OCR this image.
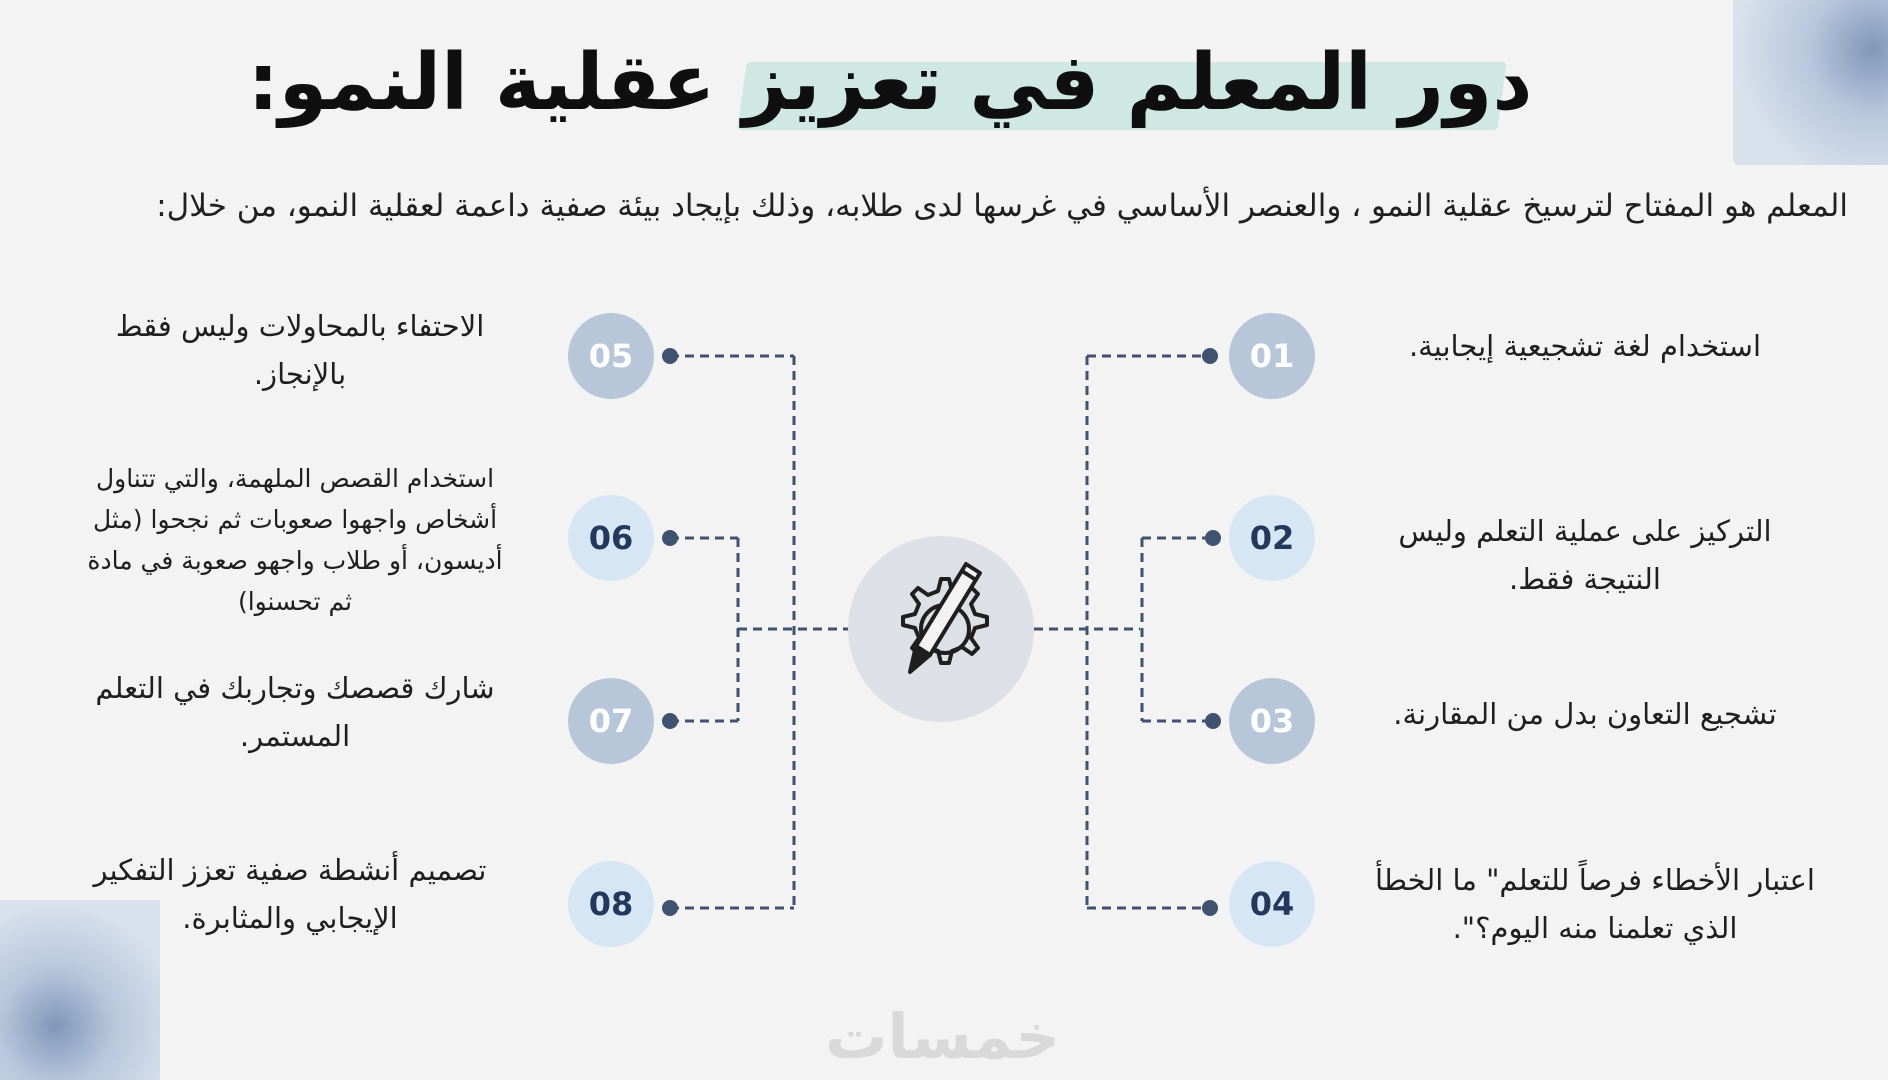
دور المعلم في تعزيز عقلية النمو:
المعلم هو المفتاح لترسيخ عقلية النمو ، والعنصر الأساسي في غرسها لدى طلابه، وذلك بإيجاد بيئة صفية داعمة لعقلية النمو، من خلال:
01
02
03
04
05
06
07
08
استخدام لغة تشجيعية إيجابية.
التركيز على عملية التعلم وليس النتيجة فقط.
تشجيع التعاون بدل من المقارنة.
اعتبار الأخطاء فرصاً للتعلم" ما الخطأ الذي تعلمنا منه اليوم؟".
الاحتفاء بالمحاولات وليس فقط بالإنجاز.
استخدام القصص الملهمة، والتي تتناول أشخاص واجهوا صعوبات ثم نجحوا (مثل أديسون، أو طلاب واجهو صعوبة في مادة ثم تحسنوا)
شارك قصصك وتجاربك في التعلم المستمر.
تصميم أنشطة صفية تعزز التفكير الإيجابي والمثابرة.
خمسات
